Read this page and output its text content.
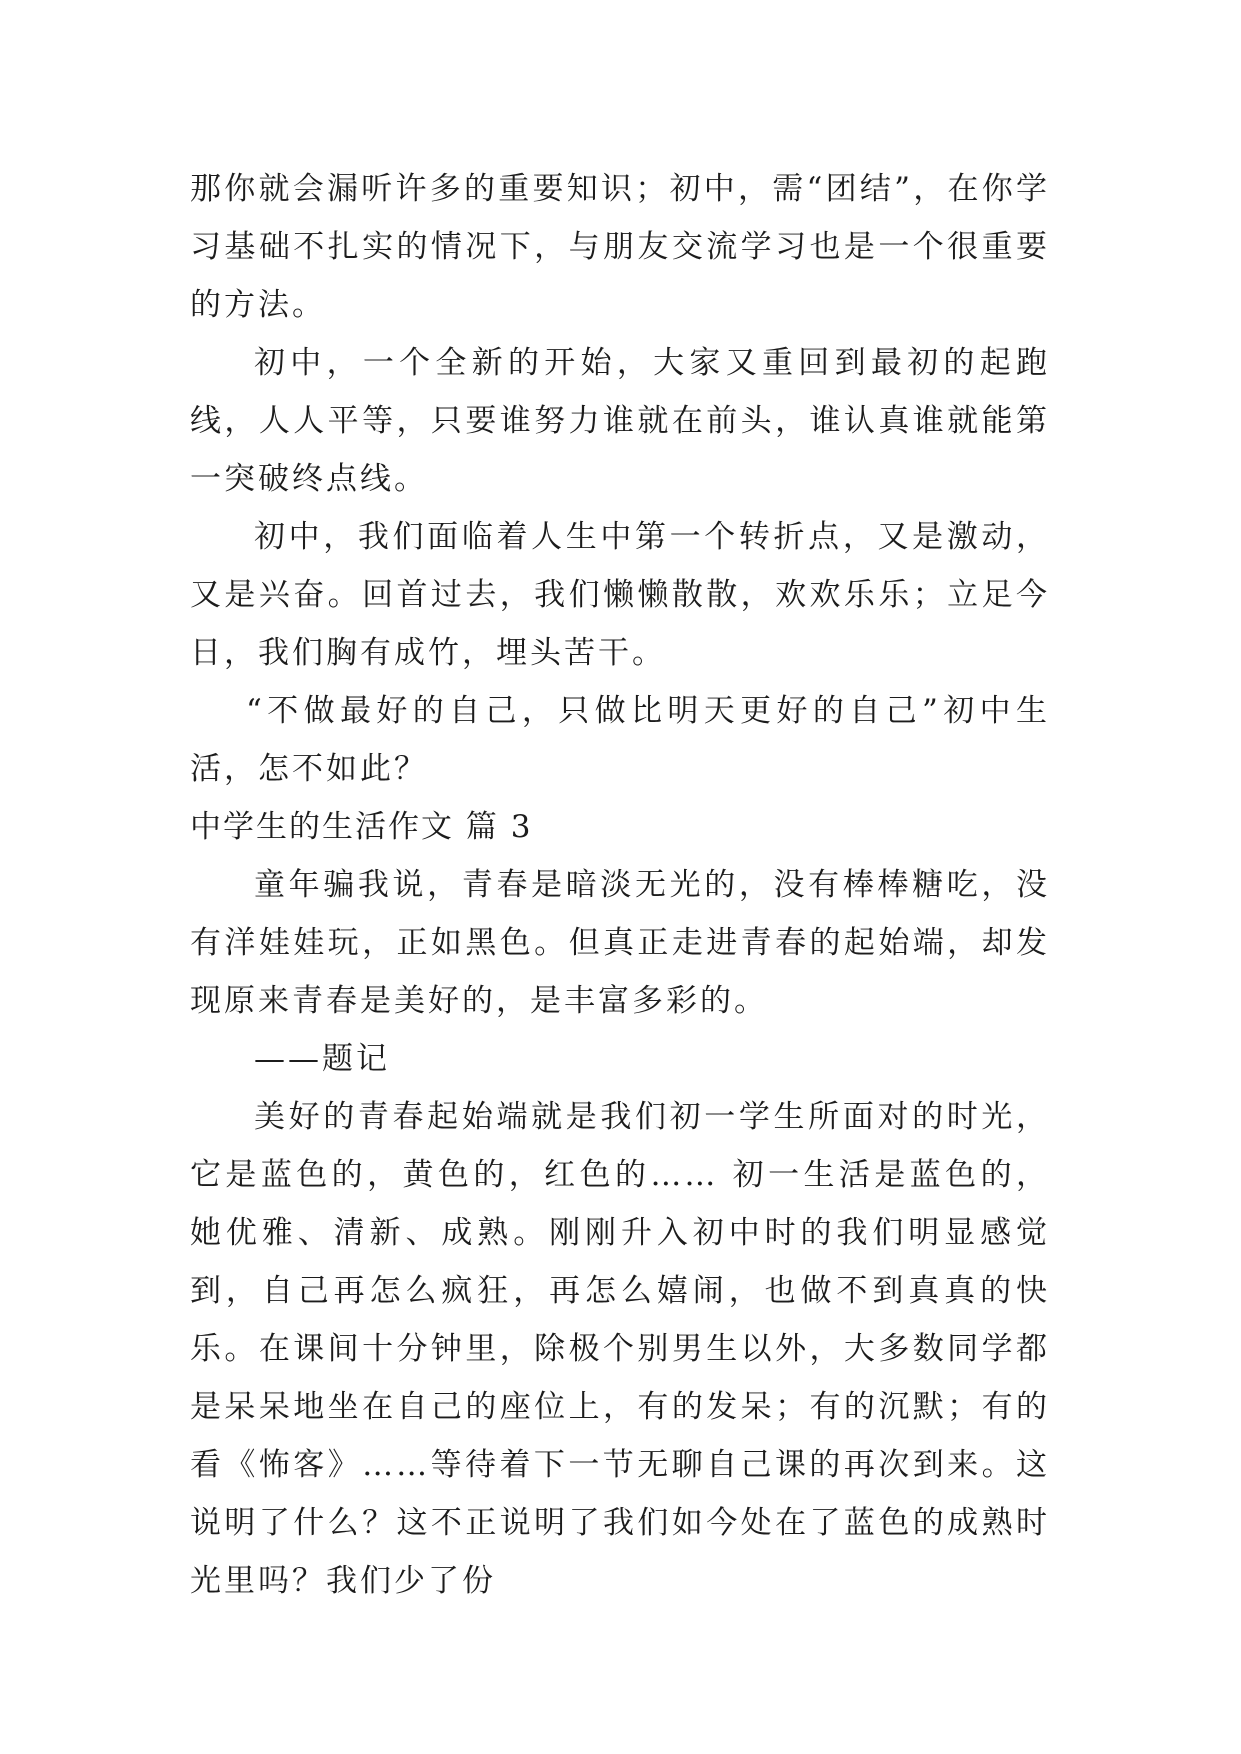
那你就会漏听许多的重要知识；初中，需“团结”，在你学习基础不扎实的情况下，与朋友交流学习也是一个很重要的方法。

初中，一个全新的开始，大家又重回到最初的起跑线，人人平等，只要谁努力谁就在前头，谁认真谁就能第一突破终点线。

初中，我们面临着人生中第一个转折点，又是激动，又是兴奋。回首过去，我们懒懒散散，欢欢乐乐；立足今日，我们胸有成竹，埋头苦干。

“不做最好的自己，只做比明天更好的自己”初中生活，怎不如此？

中学生的生活作文 篇 3

童年骗我说，青春是暗淡无光的，没有棒棒糖吃，没有洋娃娃玩，正如黑色。但真正走进青春的起始端，却发现原来青春是美好的，是丰富多彩的。

——题记

美好的青春起始端就是我们初一学生所面对的时光，它是蓝色的，黄色的，红色的…… 初一生活是蓝色的，她优雅、清新、成熟。刚刚升入初中时的我们明显感觉到，自己再怎么疯狂，再怎么嬉闹，也做不到真真的快乐。在课间十分钟里，除极个别男生以外，大多数同学都是呆呆地坐在自己的座位上，有的发呆；有的沉默；有的看《怖客》……等待着下一节无聊自己课的再次到来。这说明了什么？这不正说明了我们如今处在了蓝色的成熟时光里吗？我们少了份
